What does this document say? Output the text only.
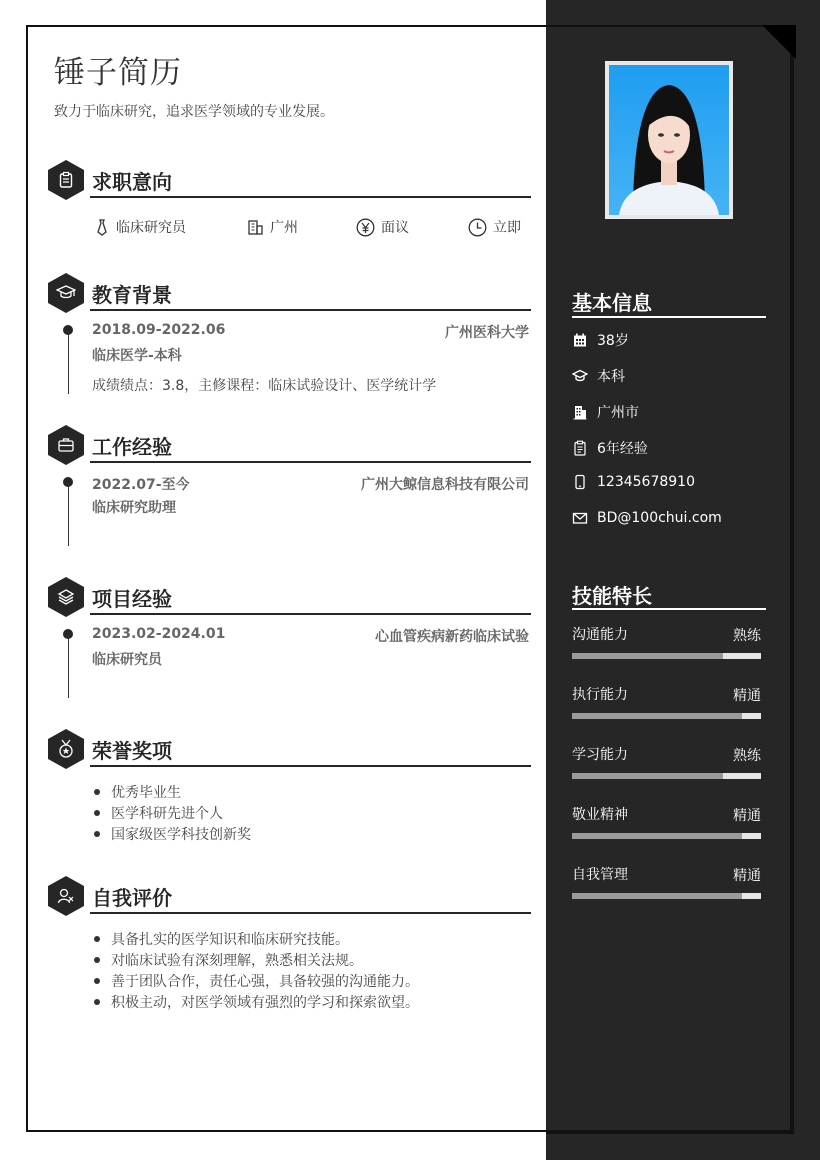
锤子简历
致力于临床研究，追求医学领域的专业发展。
求职意向
临床研究员	广州	面议	立即
教育背景
2018.09-2022.06	广州医科大学
临床医学-本科
成绩绩点：3.8，主修课程：临床试验设计、医学统计学
工作经验
2022.07-至今	广州大鲸信息科技有限公司
临床研究助理
项目经验
2023.02-2024.01	心血管疾病新药临床试验
临床研究员
荣誉奖项
优秀毕业生
医学科研先进个人
国家级医学科技创新奖
自我评价
具备扎实的医学知识和临床研究技能。
对临床试验有深刻理解，熟悉相关法规。
善于团队合作，责任心强，具备较强的沟通能力。
积极主动，对医学领域有强烈的学习和探索欲望。
基本信息
38岁
本科
广州市
6年经验
12345678910
BD@100chui.com
技能特长
沟通能力	熟练
执行能力	精通
学习能力	熟练
敬业精神	精通
自我管理	精通
